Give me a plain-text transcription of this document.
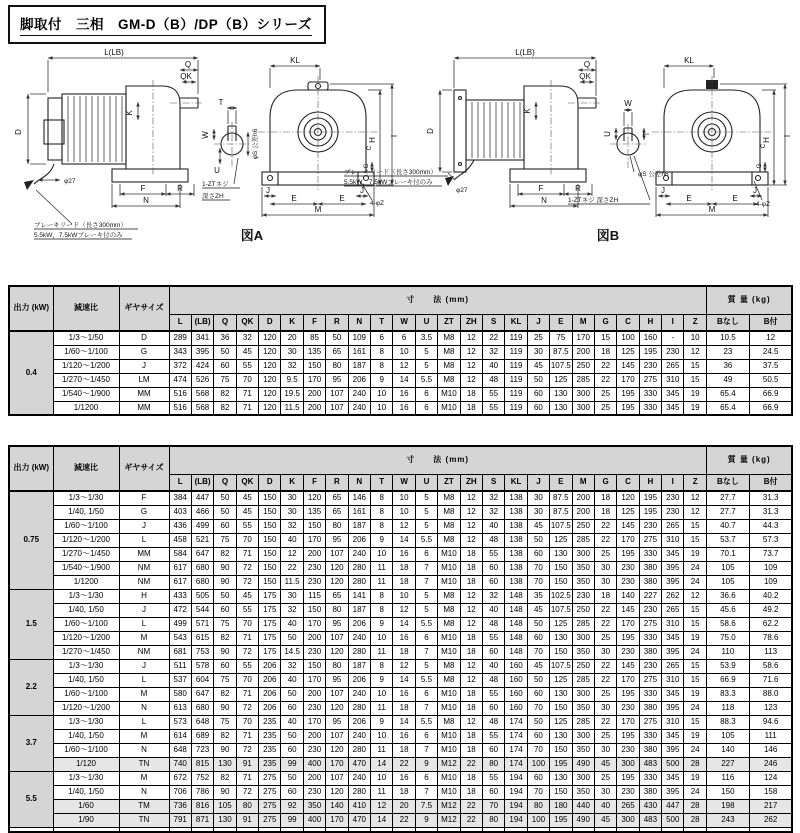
脚取付　三相　GM-D（B）/DP（B）シリーズ
L(LB)
Q
QK
D
K
F	R
N
φ27
ブレーキリード（長さ300mm）
5.5kW，7.5kWブレーキ付のみ
T
W
U
φS 公差h6
1-ZTネジ
深さZH
KL
I
H
G
C
J	J
E	E
M
4-φZ
図A
L(LB)
Q
QK
D
K
F	R
N
φ27
ブレーキリード（長さ300mm）
5.5kW，7.5kWブレーキ付のみ
W
U	T
φS 公差h6
1-ZTネジ 深さZH
KL
I
H
G
C
J	J
E	E
M
4-φZ
図B
出力 (kW)	減速比	ギヤサイズ	寸　　法 (mm)																								質 量 (kg)	
			L	(LB)	Q	QK	D	K	F	R	N	T	W	U	ZT	ZH	S	KL	J	E	M	G	C	H	I	Z	Bなし	B付
0.4	1/3～1/50	D	289	341	36	32	120	20	85	50	109	6	6	3.5	M8	12	22	119	25	75	170	15	100	160	-	10	10.5	12
	1/60～1/100	G	343	395	50	45	120	30	135	65	161	8	10	5	M8	12	32	119	30	87.5	200	18	125	195	230	12	23	24.5
	1/120～1/200	J	372	424	60	55	120	32	150	80	187	8	12	5	M8	12	40	119	45	107.5	250	22	145	230	265	15	36	37.5
	1/270～1/450	LM	474	526	75	70	120	9.5	170	95	206	9	14	5.5	M8	12	48	119	50	125	285	22	170	275	310	15	49	50.5
	1/540～1/900	MM	516	568	82	71	120	19.5	200	107	240	10	16	6	M10	18	55	119	60	130	300	25	195	330	345	19	65.4	66.9
	1/1200	MM	516	568	82	71	120	11.5	200	107	240	10	16	6	M10	18	55	119	60	130	300	25	195	330	345	19	65.4	66.9
出力 (kW)	減速比	ギヤサイズ	寸　　法 (mm)																								質 量 (kg)	
			L	(LB)	Q	QK	D	K	F	R	N	T	W	U	ZT	ZH	S	KL	J	E	M	G	C	H	I	Z	Bなし	B付
0.75	1/3～1/30	F	384	447	50	45	150	30	120	65	146	8	10	5	M8	12	32	138	30	87.5	200	18	120	195	230	12	27.7	31.3
	1/40, 1/50	G	403	466	50	45	150	30	135	65	161	8	10	5	M8	12	32	138	30	87.5	200	18	125	195	230	12	27.7	31.3
	1/60～1/100	J	436	499	60	55	150	32	150	80	187	8	12	5	M8	12	40	138	45	107.5	250	22	145	230	265	15	40.7	44.3
	1/120～1/200	L	458	521	75	70	150	40	170	95	206	9	14	5.5	M8	12	48	138	50	125	285	22	170	275	310	15	53.7	57.3
	1/270～1/450	MM	584	647	82	71	150	12	200	107	240	10	16	6	M10	18	55	138	60	130	300	25	195	330	345	19	70.1	73.7
	1/540～1/900	NM	617	680	90	72	150	22	230	120	280	11	18	7	M10	18	60	138	70	150	350	30	230	380	395	24	105	109
	1/1200	NM	617	680	90	72	150	11.5	230	120	280	11	18	7	M10	18	60	138	70	150	350	30	230	380	395	24	105	109
1.5	1/3～1/30	H	433	505	50	45	175	30	115	65	141	8	10	5	M8	12	32	148	35	102.5	230	18	140	227	262	12	36.6	40.2
	1/40, 1/50	J	472	544	60	55	175	32	150	80	187	8	12	5	M8	12	40	148	45	107.5	250	22	145	230	265	15	45.6	49.2
	1/60～1/100	L	499	571	75	70	175	40	170	95	206	9	14	5.5	M8	12	48	148	50	125	285	22	170	275	310	15	58.6	62.2
	1/120～1/200	M	543	615	82	71	175	50	200	107	240	10	16	6	M10	18	55	148	60	130	300	25	195	330	345	19	75.0	78.6
	1/270～1/450	NM	681	753	90	72	175	14.5	230	120	280	11	18	7	M10	18	60	148	70	150	350	30	230	380	395	24	110	113
2.2	1/3～1/30	J	511	578	60	55	206	32	150	80	187	8	12	5	M8	12	40	160	45	107.5	250	22	145	230	265	15	53.9	58.6
	1/40, 1/50	L	537	604	75	70	206	40	170	95	206	9	14	5.5	M8	12	48	160	50	125	285	22	170	275	310	15	66.9	71.6
	1/60～1/100	M	580	647	82	71	206	50	200	107	240	10	16	6	M10	18	55	160	60	130	300	25	195	330	345	19	83.3	88.0
	1/120～1/200	N	613	680	90	72	206	60	230	120	280	11	18	7	M10	18	60	160	70	150	350	30	230	380	395	24	118	123
3.7	1/3～1/30	L	573	648	75	70	235	40	170	95	206	9	14	5.5	M8	12	48	174	50	125	285	22	170	275	310	15	88.3	94.6
	1/40, 1/50	M	614	689	82	71	235	50	200	107	240	10	16	6	M10	18	55	174	60	130	300	25	195	330	345	19	105	111
	1/60～1/100	N	648	723	90	72	235	60	230	120	280	11	18	7	M10	18	60	174	70	150	350	30	230	380	395	24	140	146
	1/120	TN	740	815	130	91	235	99	400	170	470	14	22	9	M12	22	80	174	100	195	490	45	300	483	500	28	227	246
5.5	1/3～1/30	M	672	752	82	71	275	50	200	107	240	10	16	6	M10	18	55	194	60	130	300	25	195	330	345	19	116	124
	1/40, 1/50	N	706	786	90	72	275	60	230	120	280	11	18	7	M10	18	60	194	70	150	350	30	230	380	395	24	150	158
	1/60	TM	736	816	105	80	275	92	350	140	410	12	20	7.5	M12	22	70	194	80	180	440	40	265	430	447	28	198	217
	1/90	TN	791	871	130	91	275	99	400	170	470	14	22	9	M12	22	80	194	100	195	490	45	300	483	500	28	243	262
